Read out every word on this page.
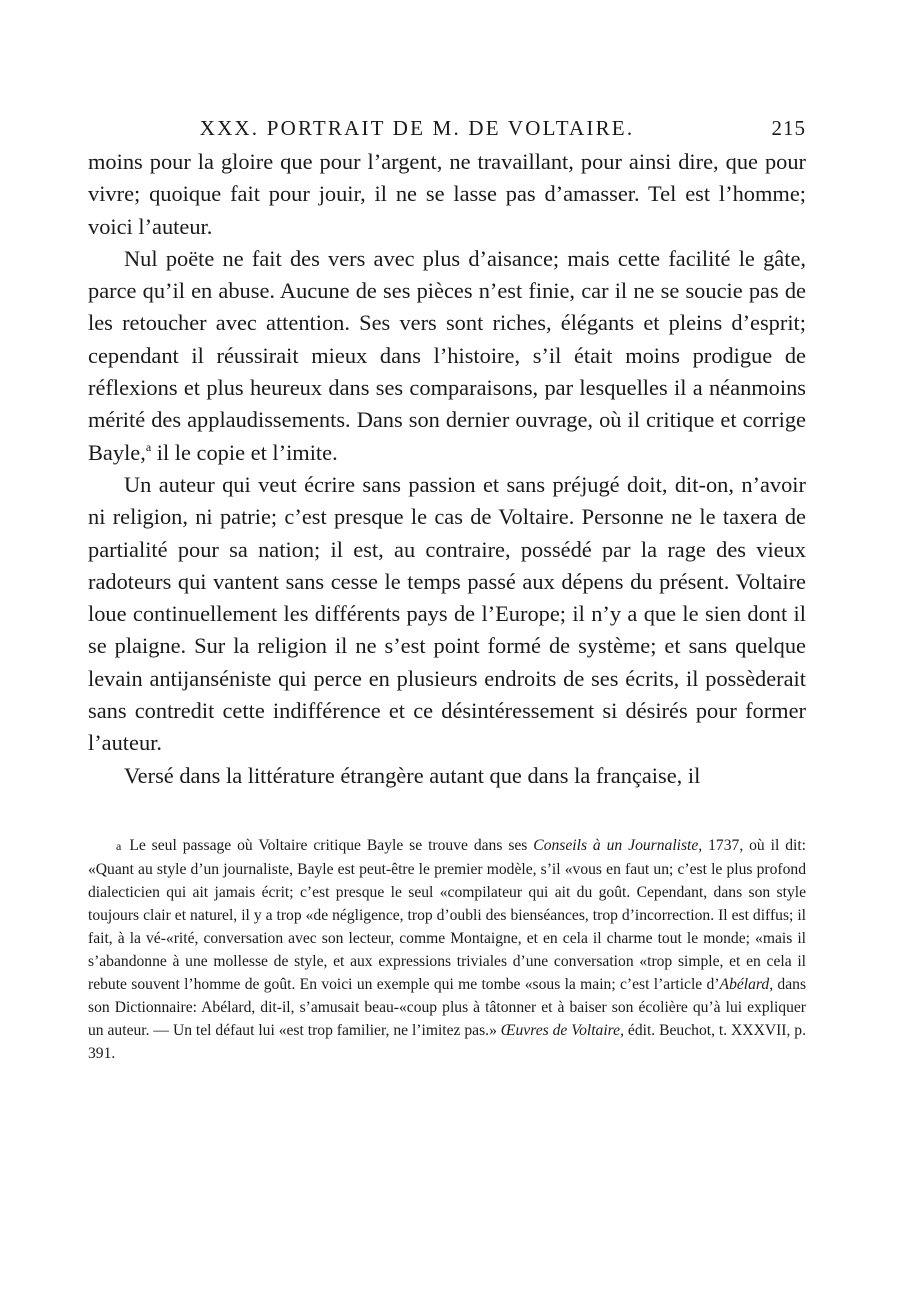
XXX. PORTRAIT DE M. DE VOLTAIRE.	215

moins pour la gloire que pour l’argent, ne travaillant, pour ainsi dire, que pour vivre; quoique fait pour jouir, il ne se lasse pas d’amasser. Tel est l’homme; voici l’auteur.

Nul poëte ne fait des vers avec plus d’aisance; mais cette facilité le gâte, parce qu’il en abuse. Aucune de ses pièces n’est finie, car il ne se soucie pas de les retoucher avec attention. Ses vers sont riches, élégants et pleins d’esprit; cependant il réussirait mieux dans l’histoire, s’il était moins prodigue de réflexions et plus heureux dans ses comparaisons, par lesquelles il a néanmoins mérité des applaudissements. Dans son dernier ouvrage, où il critique et corrige Bayle,$^a$ il le copie et l’imite.

Un auteur qui veut écrire sans passion et sans préjugé doit, dit-on, n’avoir ni religion, ni patrie; c’est presque le cas de Voltaire. Personne ne le taxera de partialité pour sa nation; il est, au contraire, possédé par la rage des vieux radoteurs qui vantent sans cesse le temps passé aux dépens du présent. Voltaire loue continuellement les différents pays de l’Europe; il n’y a que le sien dont il se plaigne. Sur la religion il ne s’est point formé de système; et sans quelque levain antijanséniste qui perce en plusieurs endroits de ses écrits, il possèderait sans contredit cette indifférence et ce désintéressement si désirés pour former l’auteur.

Versé dans la littérature étrangère autant que dans la française, il

a Le seul passage où Voltaire critique Bayle se trouve dans ses Conseils à un Journaliste, 1737, où il dit: «Quant au style d’un journaliste, Bayle est peut-être le premier modèle, s’il «vous en faut un; c’est le plus profond dialecticien qui ait jamais écrit; c’est presque le seul «compilateur qui ait du goût. Cependant, dans son style toujours clair et naturel, il y a trop «de négligence, trop d’oubli des bienséances, trop d’incorrection. Il est diffus; il fait, à la vé-«rité, conversation avec son lecteur, comme Montaigne, et en cela il charme tout le monde; «mais il s’abandonne à une mollesse de style, et aux expressions triviales d’une conversation «trop simple, et en cela il rebute souvent l’homme de goût. En voici un exemple qui me tombe «sous la main; c’est l’article d’Abélard, dans son Dictionnaire: Abélard, dit-il, s’amusait beau-«coup plus à tâtonner et à baiser son écolière qu’à lui expliquer un auteur. — Un tel défaut lui «est trop familier, ne l’imitez pas.» Œuvres de Voltaire, édit. Beuchot, t. XXXVII, p. 391.
